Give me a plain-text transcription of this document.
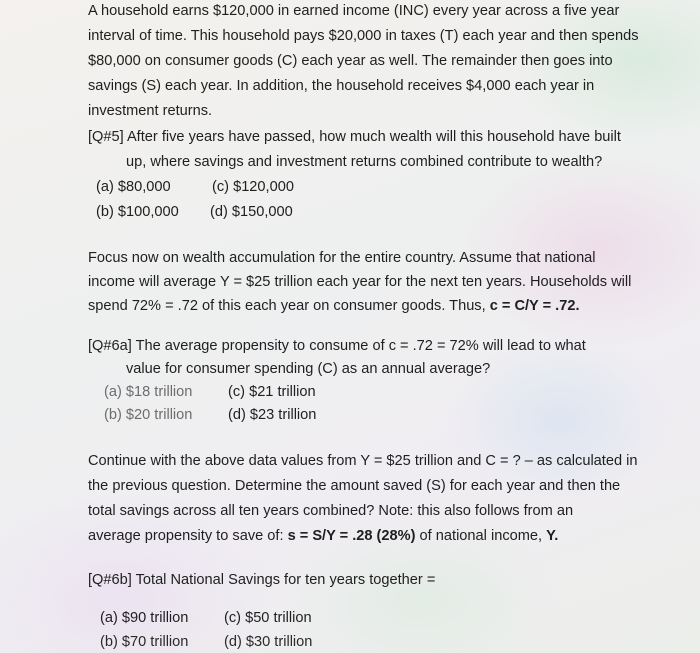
A household earns $120,000 in earned income (INC) every year across a five year
interval of time. This household pays $20,000 in taxes (T) each year and then spends
$80,000 on consumer goods (C) each year as well. The remainder then goes into
savings (S) each year. In addition, the household receives $4,000 each year in
investment returns.
[Q#5] After five years have passed, how much wealth will this household have built
up, where savings and investment returns combined contribute to wealth?
(a) $80,000	(c) $120,000
(b) $100,000 (d) $150,000
Focus now on wealth accumulation for the entire country. Assume that national
income will average Y = $25 trillion each year for the next ten years. Households will
spend 72% = .72 of this each year on consumer goods. Thus, c = C/Y = .72.
[Q#6a] The average propensity to consume of c = .72 = 72% will lead to what
value for consumer spending (C) as an annual average?
(a) $18 trillion (c) $21 trillion
(b) $20 trillion (d) $23 trillion
Continue with the above data values from Y = $25 trillion and C = ? – as calculated in
the previous question. Determine the amount saved (S) for each year and then the
total savings across all ten years combined? Note: this also follows from an
average propensity to save of: s = S/Y = .28 (28%) of national income, Y.
[Q#6b] Total National Savings for ten years together =
(a) $90 trillion (c) $50 trillion
(b) $70 trillion (d) $30 trillion
